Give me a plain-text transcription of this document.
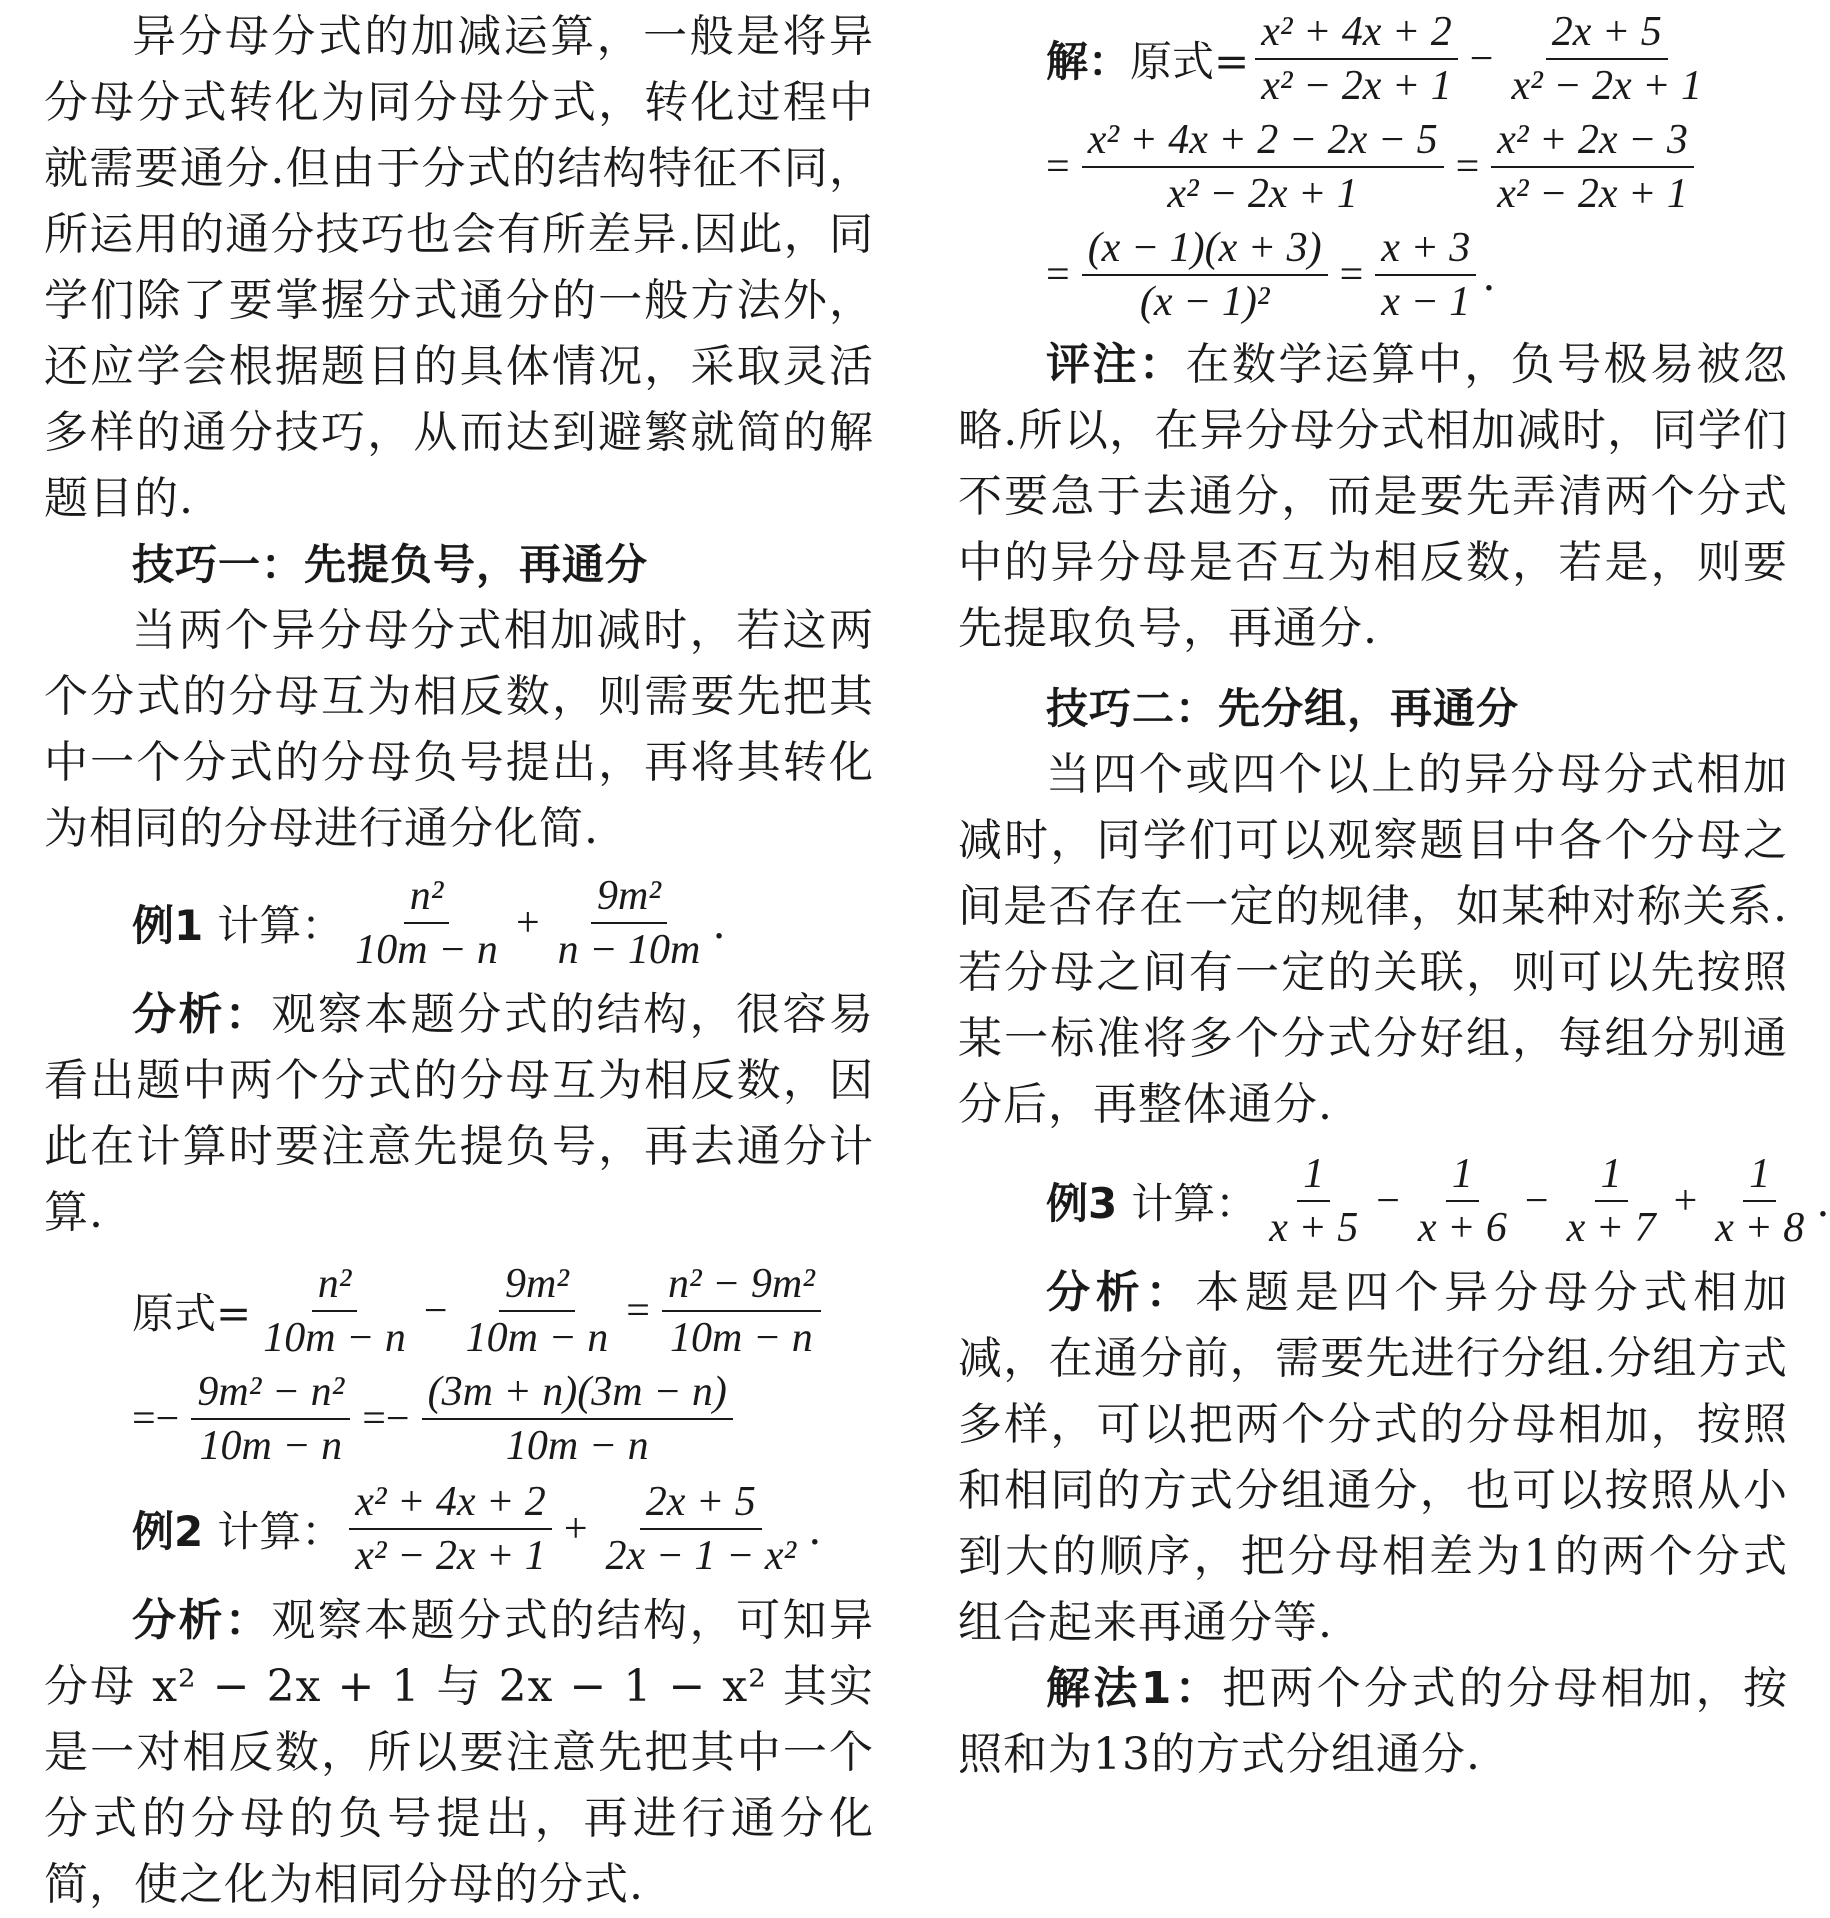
异分母分式的加减运算，一般是将异分母分式转化为同分母分式，转化过程中就需要通分.但由于分式的结构特征不同，所运用的通分技巧也会有所差异.因此，同学们除了要掌握分式通分的一般方法外，还应学会根据题目的具体情况，采取灵活多样的通分技巧，从而达到避繁就简的解题目的.

技巧一：先提负号，再通分

当两个异分母分式相加减时，若这两个分式的分母互为相反数，则需要先把其中一个分式的分母负号提出，再将其转化为相同的分母进行通分化简.

例1 计算： $\frac{\text{n²}}{10m - n} + \frac{\text{9m²}}{n - 10m}$ .

分析：观察本题分式的结构，很容易看出题中两个分式的分母互为相反数，因此在计算时要注意先提负号，再去通分计算.

原式= $\frac{\text{n²}}{10m - n} - \frac{\text{9m²}}{10m - n} = \frac{\text{n² − 9m²}}{10m - n}$
=− $\frac{\text{9m² − n²}}{10m - n} =- \frac{(3m + n)(3m - n)}{10m - n}$
例2 计算： $\frac{\text{x² + 4x + 2}}{\text{x² − 2x + 1}} + \frac{2x + 5}{\text{2x − 1 − x²}}$ .

分析：观察本题分式的结构，可知异分母 x² − 2x + 1 与 2x − 1 − x² 其实是一对相反数，所以要注意先把其中一个分式的分母的负号提出，再进行通分化简，使之化为相同分母的分式.

解： 原式= $\frac{\text{x² + 4x + 2}}{\text{x² − 2x + 1}} - \frac{2x + 5}{\text{x² − 2x + 1}}$
= $\frac{\text{x² + 4x + 2 − 2x − 5}}{\text{x² − 2x + 1}} = \frac{\text{x² + 2x − 3}}{\text{x² − 2x + 1}}$
= $\frac{(x - 1)(x + 3)}{\text{(x − 1)²}} = \frac{x + 3}{x - 1}$ .

评注：在数学运算中，负号极易被忽略.所以，在异分母分式相加减时，同学们不要急于去通分，而是要先弄清两个分式中的异分母是否互为相反数，若是，则要先提取负号，再通分.

技巧二：先分组，再通分

当四个或四个以上的异分母分式相加减时，同学们可以观察题目中各个分母之间是否存在一定的规律，如某种对称关系.若分母之间有一定的关联，则可以先按照某一标准将多个分式分好组，每组分别通分后，再整体通分.

例3 计算： $\frac{1}{x + 5} - \frac{1}{x + 6} - \frac{1}{x + 7} + \frac{1}{x + 8}$ .

分析：本题是四个异分母分式相加减，在通分前，需要先进行分组.分组方式多样，可以把两个分式的分母相加，按照和相同的方式分组通分，也可以按照从小到大的顺序，把分母相差为1的两个分式组合起来再通分等.

解法1：把两个分式的分母相加，按照和为13的方式分组通分.
